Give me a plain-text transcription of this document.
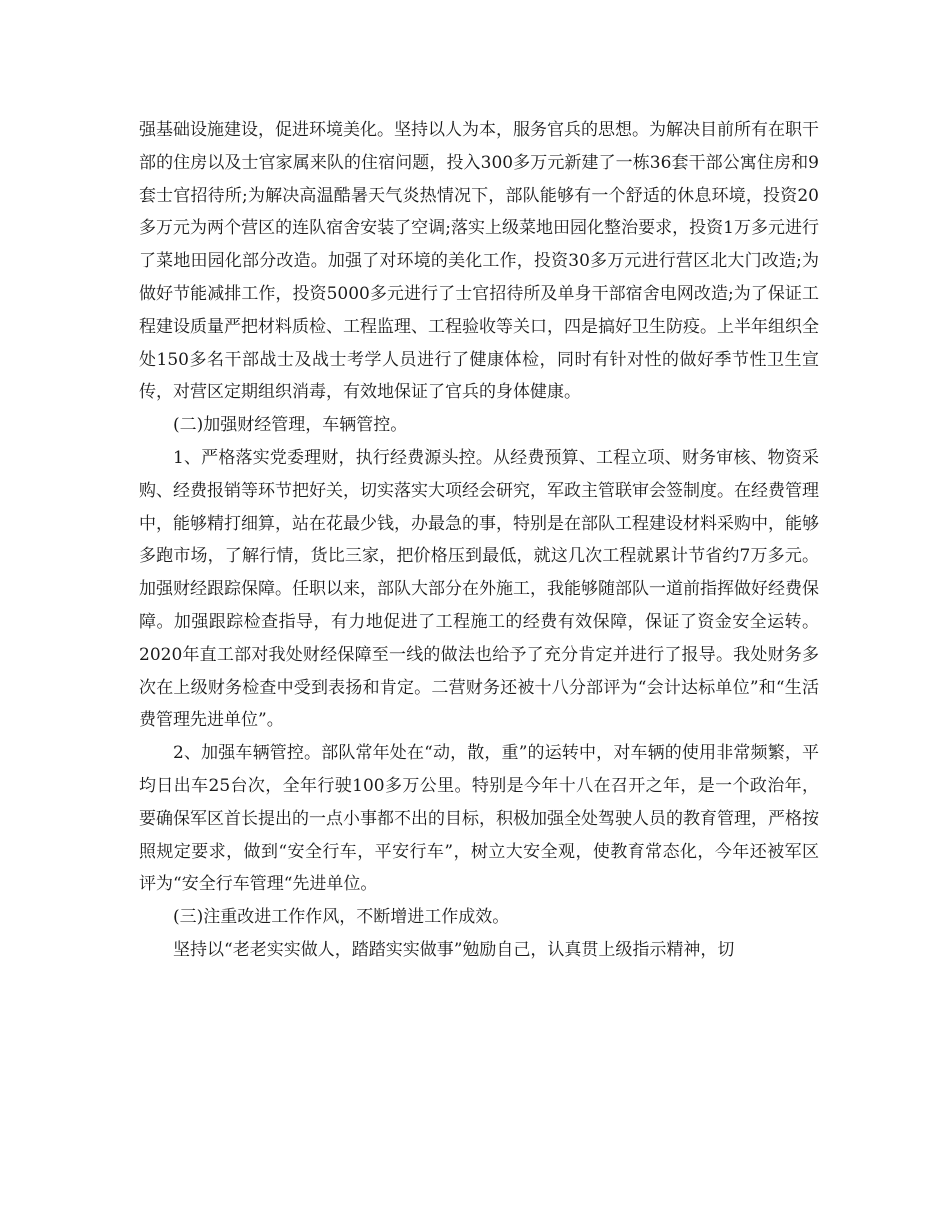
强基础设施建设，促进环境美化。坚持以人为本，服务官兵的思想。为解决目前所有在职干部的住房以及士官家属来队的住宿问题，投入300多万元新建了一栋36套干部公寓住房和9套士官招待所;为解决高温酷暑天气炎热情况下，部队能够有一个舒适的休息环境，投资20多万元为两个营区的连队宿舍安装了空调;落实上级菜地田园化整治要求，投资1万多元进行了菜地田园化部分改造。加强了对环境的美化工作，投资30多万元进行营区北大门改造;为做好节能减排工作，投资5000多元进行了士官招待所及单身干部宿舍电网改造;为了保证工程建设质量严把材料质检、工程监理、工程验收等关口，四是搞好卫生防疫。上半年组织全处150多名干部战士及战士考学人员进行了健康体检，同时有针对性的做好季节性卫生宣传，对营区定期组织消毒，有效地保证了官兵的身体健康。

(二)加强财经管理，车辆管控。

1、严格落实党委理财，执行经费源头控。从经费预算、工程立项、财务审核、物资采购、经费报销等环节把好关，切实落实大项经会研究，军政主管联审会签制度。在经费管理中，能够精打细算，站在花最少钱，办最急的事，特别是在部队工程建设材料采购中，能够多跑市场，了解行情，货比三家，把价格压到最低，就这几次工程就累计节省约7万多元。加强财经跟踪保障。任职以来，部队大部分在外施工，我能够随部队一道前指挥做好经费保障。加强跟踪检查指导，有力地促进了工程施工的经费有效保障，保证了资金安全运转。2020年直工部对我处财经保障至一线的做法也给予了充分肯定并进行了报导。我处财务多次在上级财务检查中受到表扬和肯定。二营财务还被十八分部评为“会计达标单位”和“生活费管理先进单位”。

2、加强车辆管控。部队常年处在“动，散，重”的运转中，对车辆的使用非常频繁，平均日出车25台次，全年行驶100多万公里。特别是今年十八在召开之年，是一个政治年，要确保军区首长提出的一点小事都不出的目标，积极加强全处驾驶人员的教育管理，严格按照规定要求，做到“安全行车，平安行车”，树立大安全观，使教育常态化，今年还被军区评为“安全行车管理“先进单位。

(三)注重改进工作作风，不断增进工作成效。

坚持以“老老实实做人，踏踏实实做事”勉励自己，认真贯上级指示精神，切
